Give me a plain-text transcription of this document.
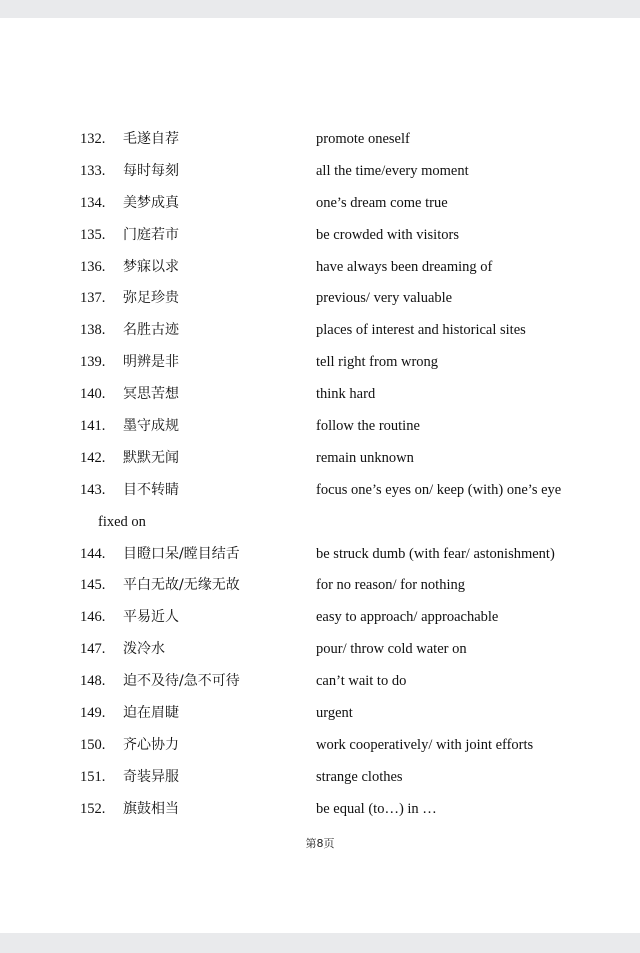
132. 毛遂自荐	promote oneself
133. 每时每刻	all the time/every moment
134. 美梦成真	one’s dream come true
135. 门庭若市	be crowded with visitors
136. 梦寐以求	have always been dreaming of
137. 弥足珍贵	previous/ very valuable
138. 名胜古迹	places of interest and historical sites
139. 明辨是非	tell right from wrong
140. 冥思苦想	think hard
141. 墨守成规	follow the routine
142. 默默无闻	remain unknown
143. 目不转睛	focus one’s eyes on/ keep (with) one’s eye
fixed on
144. 目瞪口呆/瞠目结舌	be struck dumb (with fear/ astonishment)
145. 平白无故/无缘无故	for no reason/ for nothing
146. 平易近人	easy to approach/ approachable
147. 泼冷水	pour/ throw cold water on
148. 迫不及待/急不可待	can’t wait to do
149. 迫在眉睫	urgent
150. 齐心协力	work cooperatively/ with joint efforts
151. 奇装异服	strange clothes
152. 旗鼓相当	be equal (to…) in …
第8页
